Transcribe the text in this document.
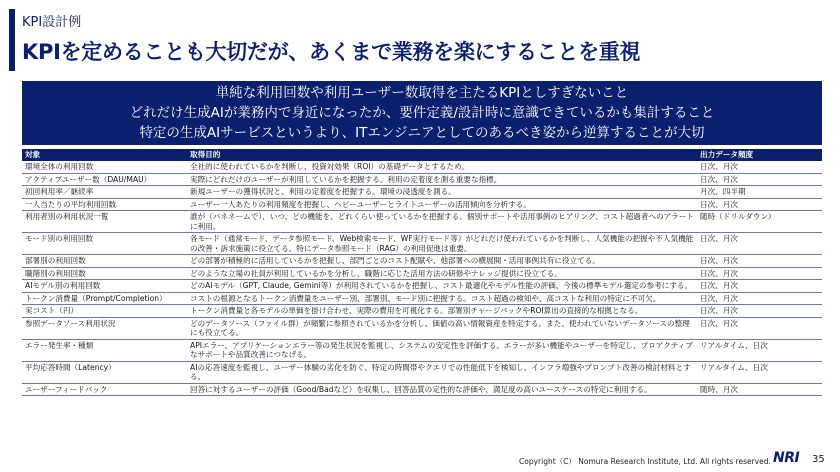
KPI設計例
KPIを定めることも大切だが、あくまで業務を楽にすることを重視
単純な利用回数や利用ユーザー数取得を主たるKPIとしすぎないこと
どれだけ生成AIが業務内で身近になったか、要件定義/設計時に意識できているかも集計すること
特定の生成AIサービスというより、ITエンジニアとしてのあるべき姿から逆算することが大切
対象	取得目的	出力データ頻度
環境全体の利用回数	全社的に使われているかを判断し、投資対効果（ROI）の基礎データとするため。	日次、月次
アクティブユーザー数（DAU/MAU）	実際にどれだけのユーザーが利用しているかを把握する。利用の定着度を測る重要な指標。	日次、月次
初回利用率／継続率	新規ユーザーの獲得状況と、利用の定着度を把握する。環境の浸透度を測る。	月次、四半期
一人当たりの平均利用回数	ユーザー一人あたりの利用頻度を把握し、ヘビーユーザーとライトユーザーの活用傾向を分析する。	日次、月次
利用者別の利用状況一覧	誰が（パネネームで）、いつ、どの機能を、どれくらい使っているかを把握する。個別サポートや活用事例のヒアリング、コスト超過者へのアラートに利用。	随時（ドリルダウン）
モード別の利用回数	各モード（通常モード、データ参照モード、Web検索モード、WF実行モード等）がどれだけ使われているかを判断し、人気機能の把握や不人気機能の改善・訴求施策に役立てる。特にデータ参照モード（RAG）の利用促進は重要。	日次、月次
部署別の利用回数	どの部署が積極的に活用しているかを把握し、部門ごとのコスト配賦や、他部署への横展開・活用事例共有に役立てる。	日次、月次
職階別の利用回数	どのような立場の社員が利用しているかを分析し、職階に応じた活用方法の研修やナレッジ提供に役立てる。	日次、月次
AIモデル別の利用回数	どのAIモデル（GPT, Claude, Gemini等）が利用されているかを把握し、コスト最適化やモデル性能の評価、今後の標準モデル選定の参考にする。	日次、月次
トークン消費量（Prompt/Completion）	コストの根源となるトークン消費量をユーザー別、部署別、モード別に把握する。コスト超過の検知や、高コストな利用の特定に不可欠。	日次、月次
実コスト（円）	トークン消費量と各モデルの単価を掛け合わせ、実際の費用を可視化する。部署別チャージバックやROI算出の直接的な根拠となる。	日次、月次
参照データソース利用状況	どのデータソース（ファイル群）が頻繁に参照されているかを分析し、価値の高い情報資産を特定する。また、使われていないデータソースの整理にも役立てる。	日次、月次
エラー発生率・種類	APIエラー、アプリケーションエラー等の発生状況を監視し、システムの安定性を評価する。エラーが多い機能やユーザーを特定し、プロアクティブなサポートや品質改善につなげる。	リアルタイム、日次
平均応答時間（Latency）	AIの応答速度を監視し、ユーザー体験の劣化を防ぐ。特定の時間帯やクエリでの性能低下を検知し、インフラ増強やプロンプト改善の検討材料とする。	リアルタイム、日次
ユーザーフィードバック	回答に対するユーザーの評価（Good/Badなど）を収集し、回答品質の定性的な評価や、満足度の高いユースケースの特定に利用する。	随時、月次
Copyright（C） Nomura Research Institute, Ltd. All rights reserved. NRI 35
